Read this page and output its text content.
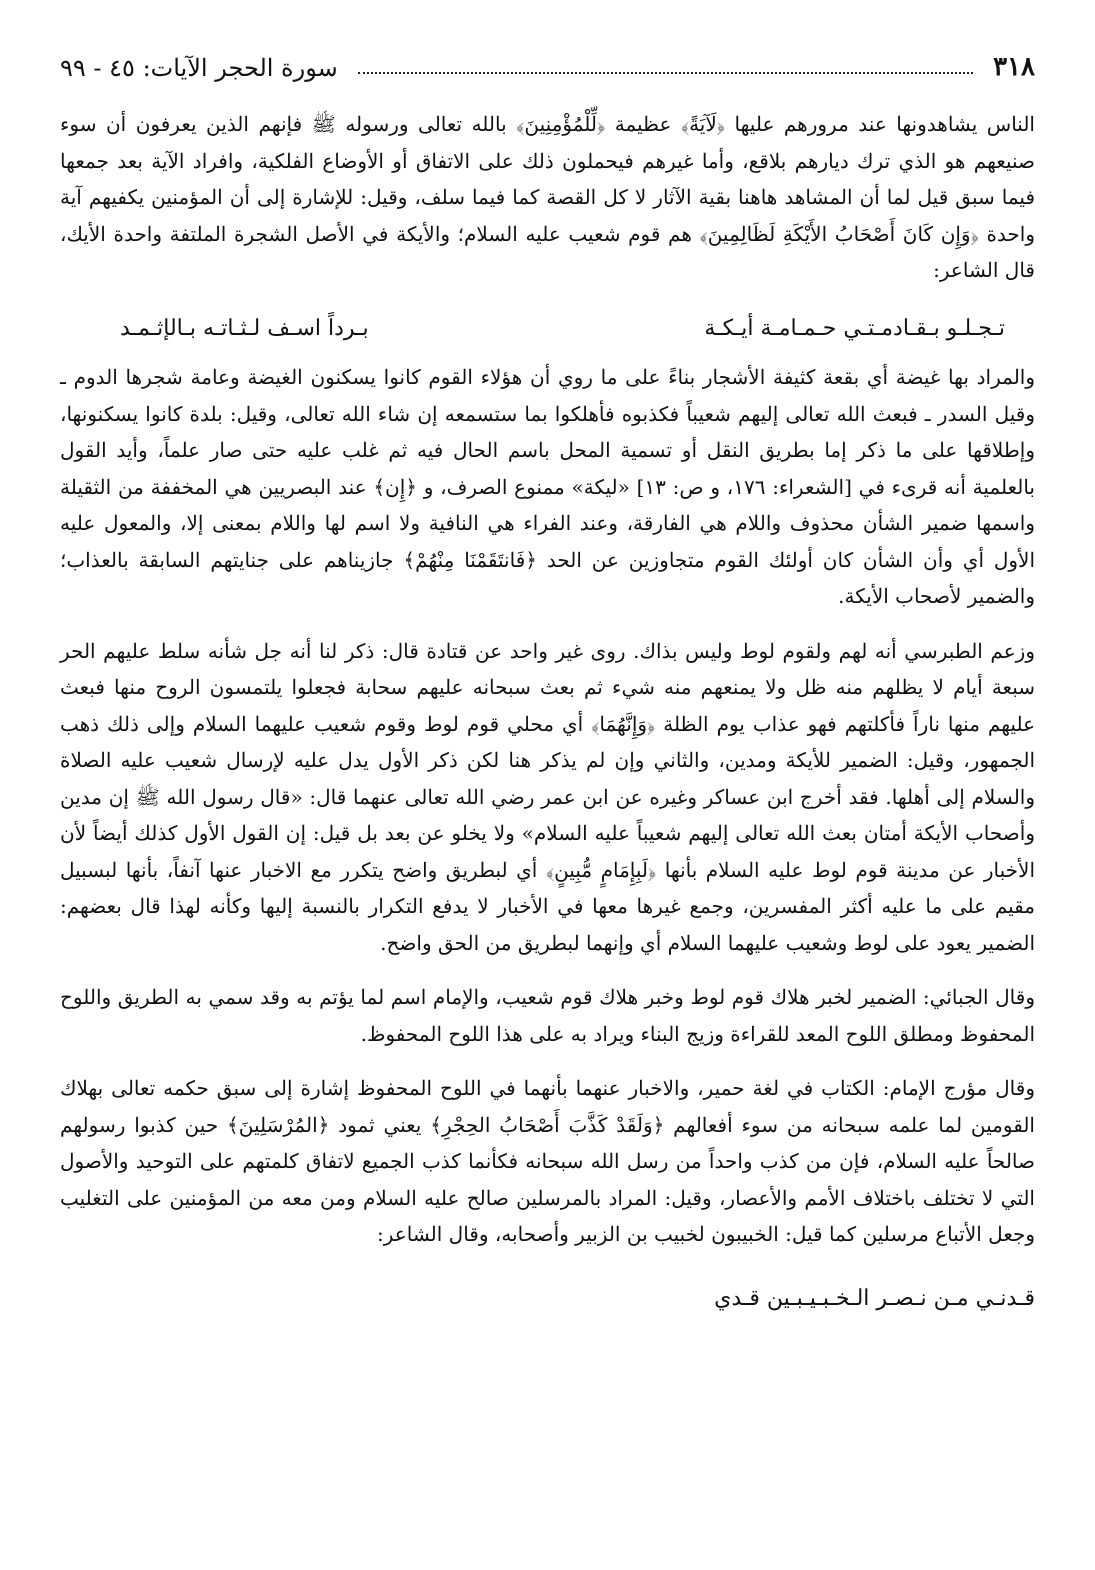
٣١٨
سورة الحجر الآيات: ٤٥ - ٩٩

الناس يشاهدونها عند مرورهم عليها ﴿لَآيَةً﴾ عظيمة ﴿لِّلْمُؤْمِنِينَ﴾ بالله تعالى ورسوله ﷺ فإنهم الذين يعرفون أن سوء صنيعهم هو الذي ترك ديارهم بلاقع، وأما غيرهم فيحملون ذلك على الاتفاق أو الأوضاع الفلكية، وافراد الآية بعد جمعها فيما سبق قيل لما أن المشاهد هاهنا بقية الآثار لا كل القصة كما فيما سلف، وقيل: للإشارة إلى أن المؤمنين يكفيهم آية واحدة ﴿وَإِن كَانَ أَصْحَابُ الأَيْكَةِ لَظَالِمِينَ﴾ هم قوم شعيب عليه السلام؛ والأيكة في الأصل الشجرة الملتفة واحدة الأيك، قال الشاعر:

تـجـلـو بـقـادمـتـي حـمـامـة أيـكـة
بـرداً اسـف لـثـاتـه بـالإثـمـد

والمراد بها غيضة أي بقعة كثيفة الأشجار بناءً على ما روي أن هؤلاء القوم كانوا يسكنون الغيضة وعامة شجرها الدوم ـ وقيل السدر ـ فبعث الله تعالى إليهم شعيباً فكذبوه فأهلكوا بما ستسمعه إن شاء الله تعالى، وقيل: بلدة كانوا يسكنونها، وإطلاقها على ما ذكر إما بطريق النقل أو تسمية المحل باسم الحال فيه ثم غلب عليه حتى صار علماً، وأيد القول بالعلمية أنه قرىء في [الشعراء: ١٧٦، و ص: ١٣] «ليكة» ممنوع الصرف، و ﴿إِن﴾ عند البصريين هي المخففة من الثقيلة واسمها ضمير الشأن محذوف واللام هي الفارقة، وعند الفراء هي النافية ولا اسم لها واللام بمعنى إلا، والمعول عليه الأول أي وأن الشأن كان أولئك القوم متجاوزين عن الحد ﴿فَانتَقَمْنَا مِنْهُمْ﴾ جازيناهم على جنايتهم السابقة بالعذاب؛ والضمير لأصحاب الأيكة.

وزعم الطبرسي أنه لهم ولقوم لوط وليس بذاك. روى غير واحد عن قتادة قال: ذكر لنا أنه جل شأنه سلط عليهم الحر سبعة أيام لا يظلهم منه ظل ولا يمنعهم منه شيء ثم بعث سبحانه عليهم سحابة فجعلوا يلتمسون الروح منها فبعث عليهم منها ناراً فأكلتهم فهو عذاب يوم الظلة ﴿وَإِنَّهُمَا﴾ أي محلي قوم لوط وقوم شعيب عليهما السلام وإلى ذلك ذهب الجمهور، وقيل: الضمير للأيكة ومدين، والثاني وإن لم يذكر هنا لكن ذكر الأول يدل عليه لإرسال شعيب عليه الصلاة والسلام إلى أهلها. فقد أخرج ابن عساكر وغيره عن ابن عمر رضي الله تعالى عنهما قال: «قال رسول الله ﷺ إن مدين وأصحاب الأيكة أمتان بعث الله تعالى إليهم شعيباً عليه السلام» ولا يخلو عن بعد بل قيل: إن القول الأول كذلك أيضاً لأن الأخبار عن مدينة قوم لوط عليه السلام بأنها ﴿لَبِإِمَامٍ مُّبِينٍ﴾ أي لبطريق واضح يتكرر مع الاخبار عنها آنفاً، بأنها لبسبيل مقيم على ما عليه أكثر المفسرين، وجمع غيرها معها في الأخبار لا يدفع التكرار بالنسبة إليها وكأنه لهذا قال بعضهم: الضمير يعود على لوط وشعيب عليهما السلام أي وإنهما لبطريق من الحق واضح.

وقال الجبائي: الضمير لخبر هلاك قوم لوط وخبر هلاك قوم شعيب، والإمام اسم لما يؤتم به وقد سمي به الطريق واللوح المحفوظ ومطلق اللوح المعد للقراءة وزيج البناء ويراد به على هذا اللوح المحفوظ.

وقال مؤرج الإمام: الكتاب في لغة حمير، والاخبار عنهما بأنهما في اللوح المحفوظ إشارة إلى سبق حكمه تعالى بهلاك القومين لما علمه سبحانه من سوء أفعالهم ﴿وَلَقَدْ كَذَّبَ أَصْحَابُ الحِجْرِ﴾ يعني ثمود ﴿المُرْسَلِينَ﴾ حين كذبوا رسولهم صالحاً عليه السلام، فإن من كذب واحداً من رسل الله سبحانه فكأنما كذب الجميع لاتفاق كلمتهم على التوحيد والأصول التي لا تختلف باختلاف الأمم والأعصار، وقيل: المراد بالمرسلين صالح عليه السلام ومن معه من المؤمنين على التغليب وجعل الأتباع مرسلين كما قيل: الخبيبون لخبيب بن الزبير وأصحابه، وقال الشاعر:

قـدنـي مـن نـصـر الـخـبـيـبـين قـدي
